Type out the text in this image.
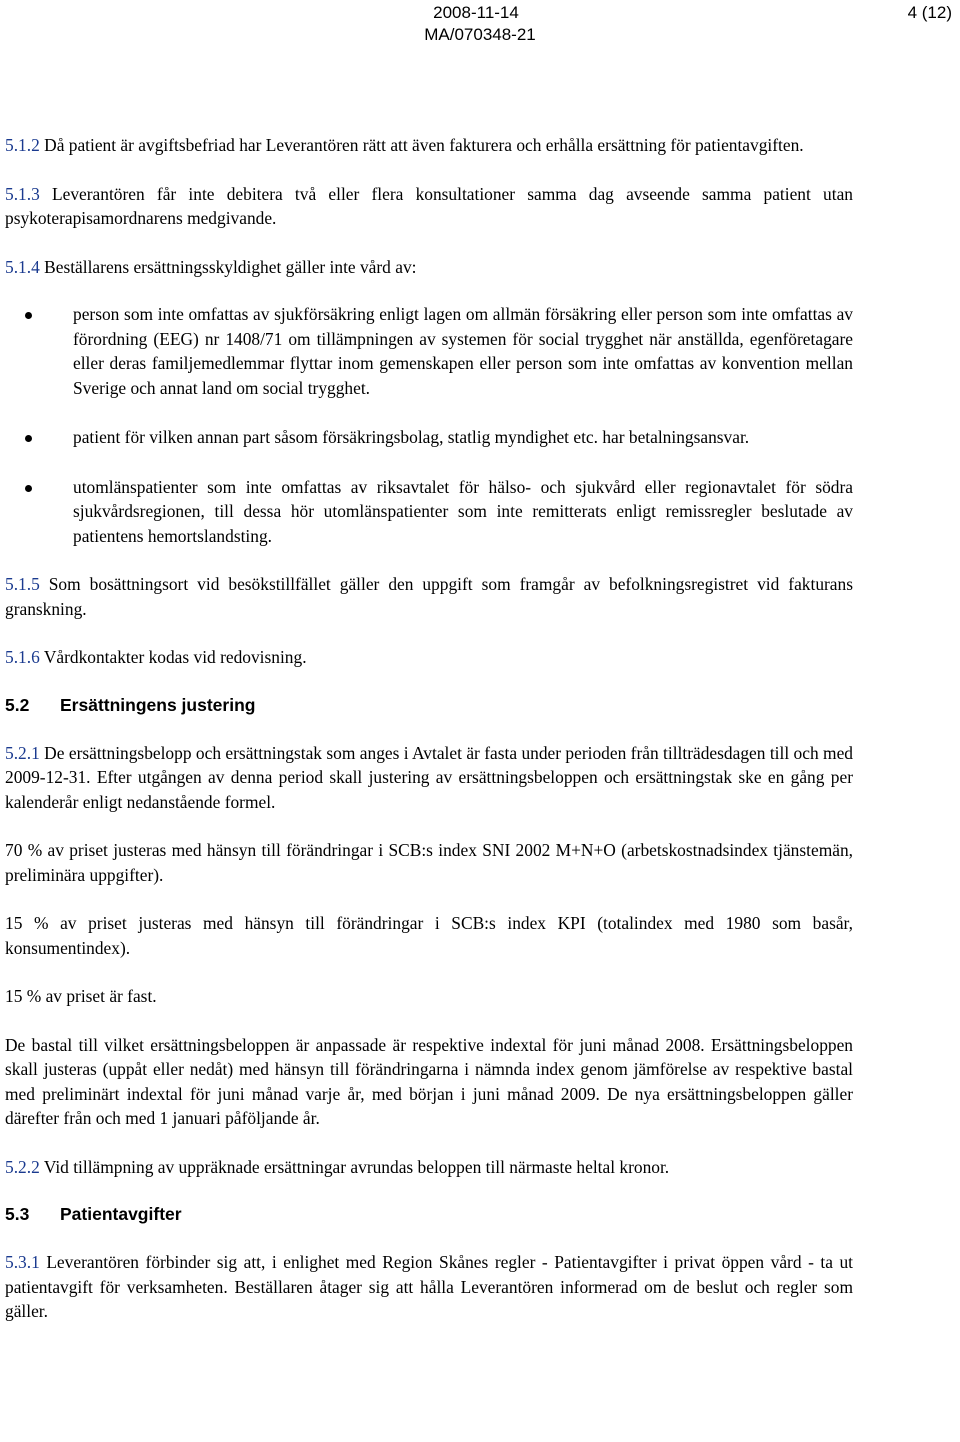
2008-11-14
MA/070348-21
4 (12)

5.1.2 Då patient är avgiftsbefriad har Leverantören rätt att även fakturera och erhålla ersättning för patientavgiften.

5.1.3 Leverantören får inte debitera två eller flera konsultationer samma dag avseende samma patient utan psykoterapisamordnarens medgivande.

5.1.4 Beställarens ersättningsskyldighet gäller inte vård av:

person som inte omfattas av sjukförsäkring enligt lagen om allmän försäkring eller person som inte omfattas av förordning (EEG) nr 1408/71 om tillämpningen av systemen för social trygghet när anställda, egenföretagare eller deras familjemedlemmar flyttar inom gemenskapen eller person som inte omfattas av konvention mellan Sverige och annat land om social trygghet.
patient för vilken annan part såsom försäkringsbolag, statlig myndighet etc. har betalningsansvar.
utomlänspatienter som inte omfattas av riksavtalet för hälso- och sjukvård eller regionavtalet för södra sjukvårdsregionen, till dessa hör utomlänspatienter som inte remitterats enligt remissregler beslutade av patientens hemortslandsting.

5.1.5 Som bosättningsort vid besökstillfället gäller den uppgift som framgår av befolkningsregistret vid fakturans granskning.

5.1.6 Vårdkontakter kodas vid redovisning.

5.2 Ersättningens justering

5.2.1 De ersättningsbelopp och ersättningstak som anges i Avtalet är fasta under perioden från tillträdesdagen till och med 2009-12-31. Efter utgången av denna period skall justering av ersättningsbeloppen och ersättningstak ske en gång per kalenderår enligt nedanstående formel.

70 % av priset justeras med hänsyn till förändringar i SCB:s index SNI 2002 M+N+O (arbetskostnadsindex tjänstemän, preliminära uppgifter).

15 % av priset justeras med hänsyn till förändringar i SCB:s index KPI (totalindex med 1980 som basår, konsumentindex).

15 % av priset är fast.

De bastal till vilket ersättningsbeloppen är anpassade är respektive indextal för juni månad 2008. Ersättningsbeloppen skall justeras (uppåt eller nedåt) med hänsyn till förändringarna i nämnda index genom jämförelse av respektive bastal med preliminärt indextal för juni månad varje år, med början i juni månad 2009. De nya ersättningsbeloppen gäller därefter från och med 1 januari påföljande år.

5.2.2 Vid tillämpning av uppräknade ersättningar avrundas beloppen till närmaste heltal kronor.

5.3 Patientavgifter

5.3.1 Leverantören förbinder sig att, i enlighet med Region Skånes regler - Patientavgifter i privat öppen vård - ta ut patientavgift för verksamheten. Beställaren åtager sig att hålla Leverantören informerad om de beslut och regler som gäller.
